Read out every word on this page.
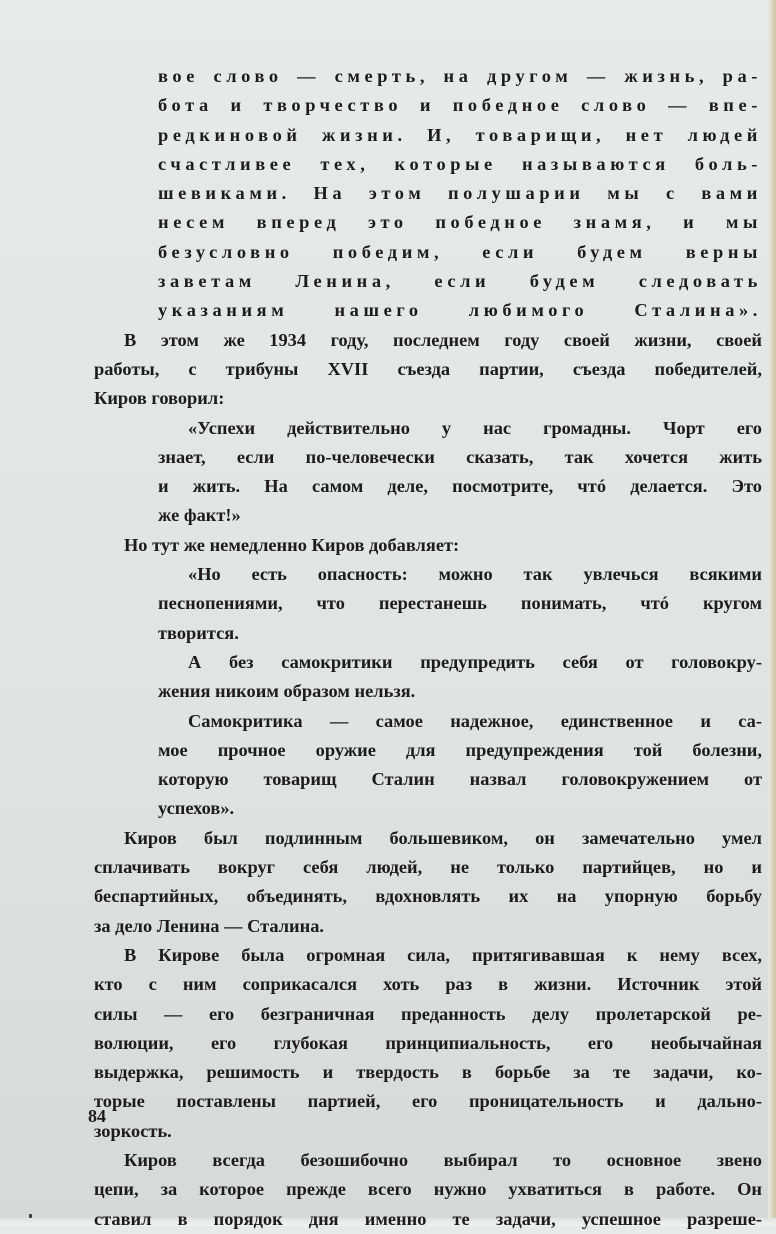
вое слово — смерть, на другом — жизнь, ра-
бота и творчество и победное слово — впе-
редкиновой жизни. И, товарищи, нет людей
счастливее тех, которые называются боль-
шевиками. На этом полушарии мы с вами
несем вперед это победное знамя, и мы
безусловно победим, если будем верны
заветам Ленина, если будем следовать
указаниям нашего любимого Сталина».
В этом же 1934 году, последнем году своей жизни, своей
работы, с трибуны XVII съезда партии, съезда победителей,
Киров говорил:
«Успехи действительно у нас громадны. Чорт его
знает, если по-человечески сказать, так хочется жить
и жить. На самом деле, посмотрите, чтó делается. Это
же факт!»
Но тут же немедленно Киров добавляет:
«Но есть опасность: можно так увлечься всякими
песнопениями, что перестанешь понимать, чтó кругом
творится.
А без самокритики предупредить себя от головокру-
жения никоим образом нельзя.
Самокритика — самое надежное, единственное и са-
мое прочное оружие для предупреждения той болезни,
которую товарищ Сталин назвал головокружением от
успехов».
Киров был подлинным большевиком, он замечательно умел
сплачивать вокруг себя людей, не только партийцев, но и
беспартийных, объединять, вдохновлять их на упорную борьбу
за дело Ленина — Сталина.
В Кирове была огромная сила, притягивавшая к нему всех,
кто с ним соприкасался хоть раз в жизни. Источник этой
силы — его безграничная преданность делу пролетарской ре-
волюции, его глубокая принципиальность, его необычайная
выдержка, решимость и твердость в борьбе за те задачи, ко-
торые поставлены партией, его проницательность и дально-
зоркость.
Киров всегда безошибочно выбирал то основное звено
цепи, за которое прежде всего нужно ухватиться в работе. Он
ставил в порядок дня именно те задачи, успешное разреше-
84
